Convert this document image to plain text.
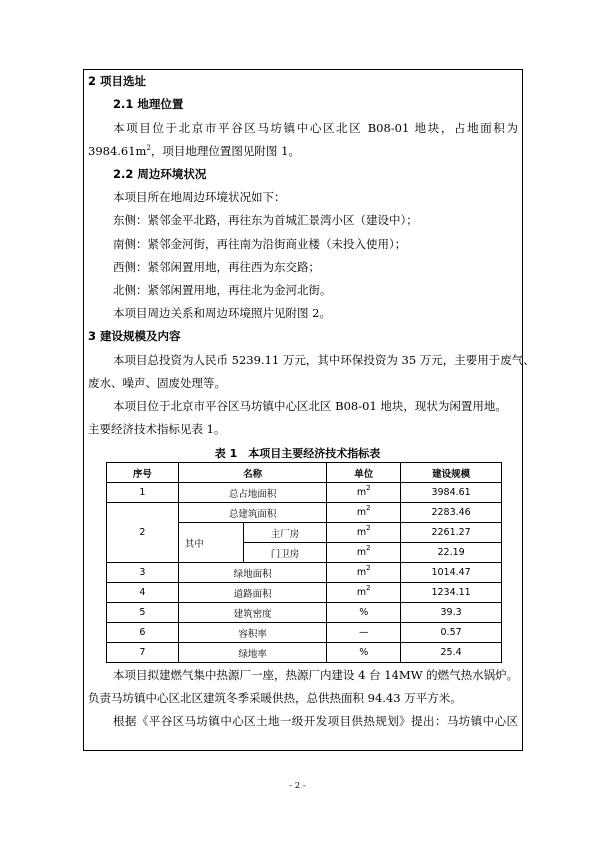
2 项目选址
2.1 地理位置
本项目位于北京市平谷区马坊镇中心区北区 B08-01 地块，占地面积为
$3984.61m^2$，项目地理位置图见附图 1。
2.2 周边环境状况
本项目所在地周边环境状况如下：
东侧：紧邻金平北路，再往东为首城汇景湾小区（建设中）；
南侧：紧邻金河街，再往南为沿街商业楼（未投入使用）；
西侧：紧邻闲置用地，再往西为东交路；
北侧：紧邻闲置用地，再往北为金河北街。
本项目周边关系和周边环境照片见附图 2。
3 建设规模及内容
本项目总投资为人民币 5239.11 万元，其中环保投资为 35 万元，主要用于废气、
废水、噪声、固废处理等。
本项目位于北京市平谷区马坊镇中心区北区 B08-01 地块，现状为闲置用地。
主要经济技术指标见表 1。
表 1　本项目主要经济技术指标表
序号	名称		单位	建设规模
1	总占地面积		$m^2$	3984.61
2	总建筑面积		$m^2$	2283.46
	其中	主厂房	$m^2$	2261.27
		门卫房	$m^2$	22.19
3	绿地面积		$m^2$	1014.47
4	道路面积		$m^2$	1234.11
5	建筑密度		%	39.3
6	容积率		—	0.57
7	绿地率		%	25.4
本项目拟建燃气集中热源厂一座，热源厂内建设 4 台 14MW 的燃气热水锅炉。
负责马坊镇中心区北区建筑冬季采暖供热，总供热面积 94.43 万平方米。
根据《平谷区马坊镇中心区土地一级开发项目供热规划》提出：马坊镇中心区
- 2 -
